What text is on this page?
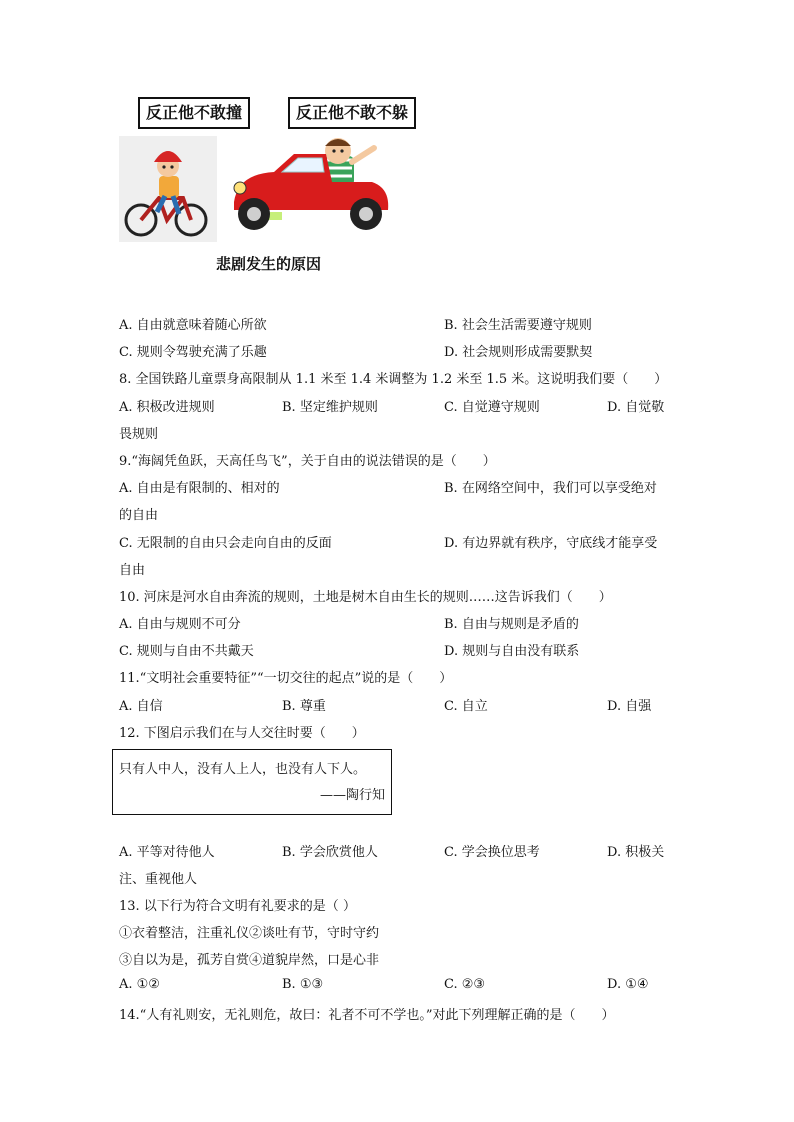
反正他不敢撞	反正他不敢不躲
悲剧发生的原因
A. 自由就意味着随心所欲	B. 社会生活需要遵守规则
C. 规则令驾驶充满了乐趣	D. 社会规则形成需要默契
8. 全国铁路儿童票身高限制从 1.1 米至 1.4 米调整为 1.2 米至 1.5 米。这说明我们要（　　）
A. 积极改进规则	B. 坚定维护规则	C. 自觉遵守规则	D. 自觉敬
畏规则
9.“海阔凭鱼跃，天高任鸟飞”，关于自由的说法错误的是（　　）
A. 自由是有限制的、相对的	B. 在网络空间中，我们可以享受绝对
的自由
C. 无限制的自由只会走向自由的反面	D. 有边界就有秩序，守底线才能享受
自由
10. 河床是河水自由奔流的规则，土地是树木自由生长的规则……这告诉我们（　　）
A. 自由与规则不可分	B. 自由与规则是矛盾的
C. 规则与自由不共戴天	D. 规则与自由没有联系
11.“文明社会重要特征”“一切交往的起点”说的是（　　）
A. 自信	B. 尊重	C. 自立	D. 自强
12. 下图启示我们在与人交往时要（　　）
只有人中人，没有人上人，也没有人下人。
——陶行知
A. 平等对待他人	B. 学会欣赏他人	C. 学会换位思考	D. 积极关
注、重视他人
13. 以下行为符合文明有礼要求的是（ ）
①衣着整洁，注重礼仪②谈吐有节，守时守约
③自以为是，孤芳自赏④道貌岸然，口是心非
A. ①②	B. ①③	C. ②③	D. ①④
14.“人有礼则安，无礼则危，故曰：礼者不可不学也。”对此下列理解正确的是（　　）
